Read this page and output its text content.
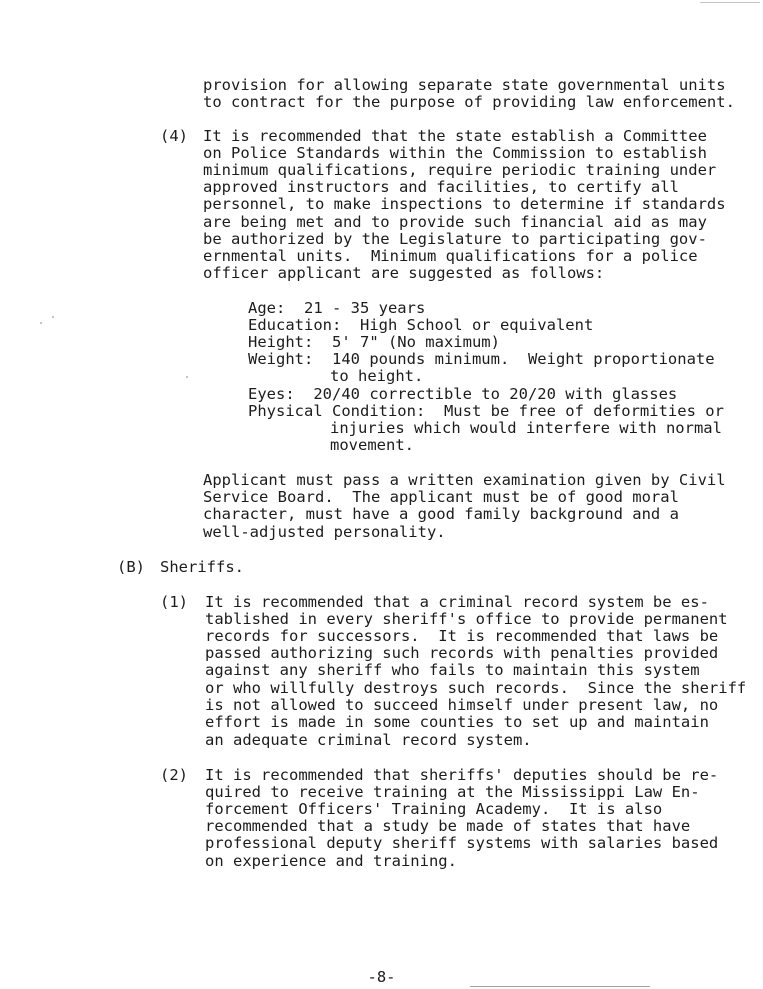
provision for allowing separate state governmental units

to contract for the purpose of providing law enforcement.

(4) It is recommended that the state establish a Committee

on Police Standards within the Commission to establish

minimum qualifications, require periodic training under

approved instructors and facilities, to certify all

personnel, to make inspections to determine if standards

are being met and to provide such financial aid as may

be authorized by the Legislature to participating gov-

ernmental units.  Minimum qualifications for a police

officer applicant are suggested as follows:

Age:  21 - 35 years

Education:  High School or equivalent

Height:  5' 7" (No maximum)

Weight:  140 pounds minimum.  Weight proportionate

to height.

Eyes:  20/40 correctible to 20/20 with glasses

Physical Condition:  Must be free of deformities or

injuries which would interfere with normal

movement.

Applicant must pass a written examination given by Civil

Service Board.  The applicant must be of good moral

character, must have a good family background and a

well-adjusted personality.

(B) Sheriffs.

(1) It is recommended that a criminal record system be es-

tablished in every sheriff's office to provide permanent

records for successors.  It is recommended that laws be

passed authorizing such records with penalties provided

against any sheriff who fails to maintain this system

or who willfully destroys such records.  Since the sheriff

is not allowed to succeed himself under present law, no

effort is made in some counties to set up and maintain

an adequate criminal record system.

(2) It is recommended that sheriffs' deputies should be re-

quired to receive training at the Mississippi Law En-

forcement Officers' Training Academy.  It is also

recommended that a study be made of states that have

professional deputy sheriff systems with salaries based

on experience and training.

-8-
